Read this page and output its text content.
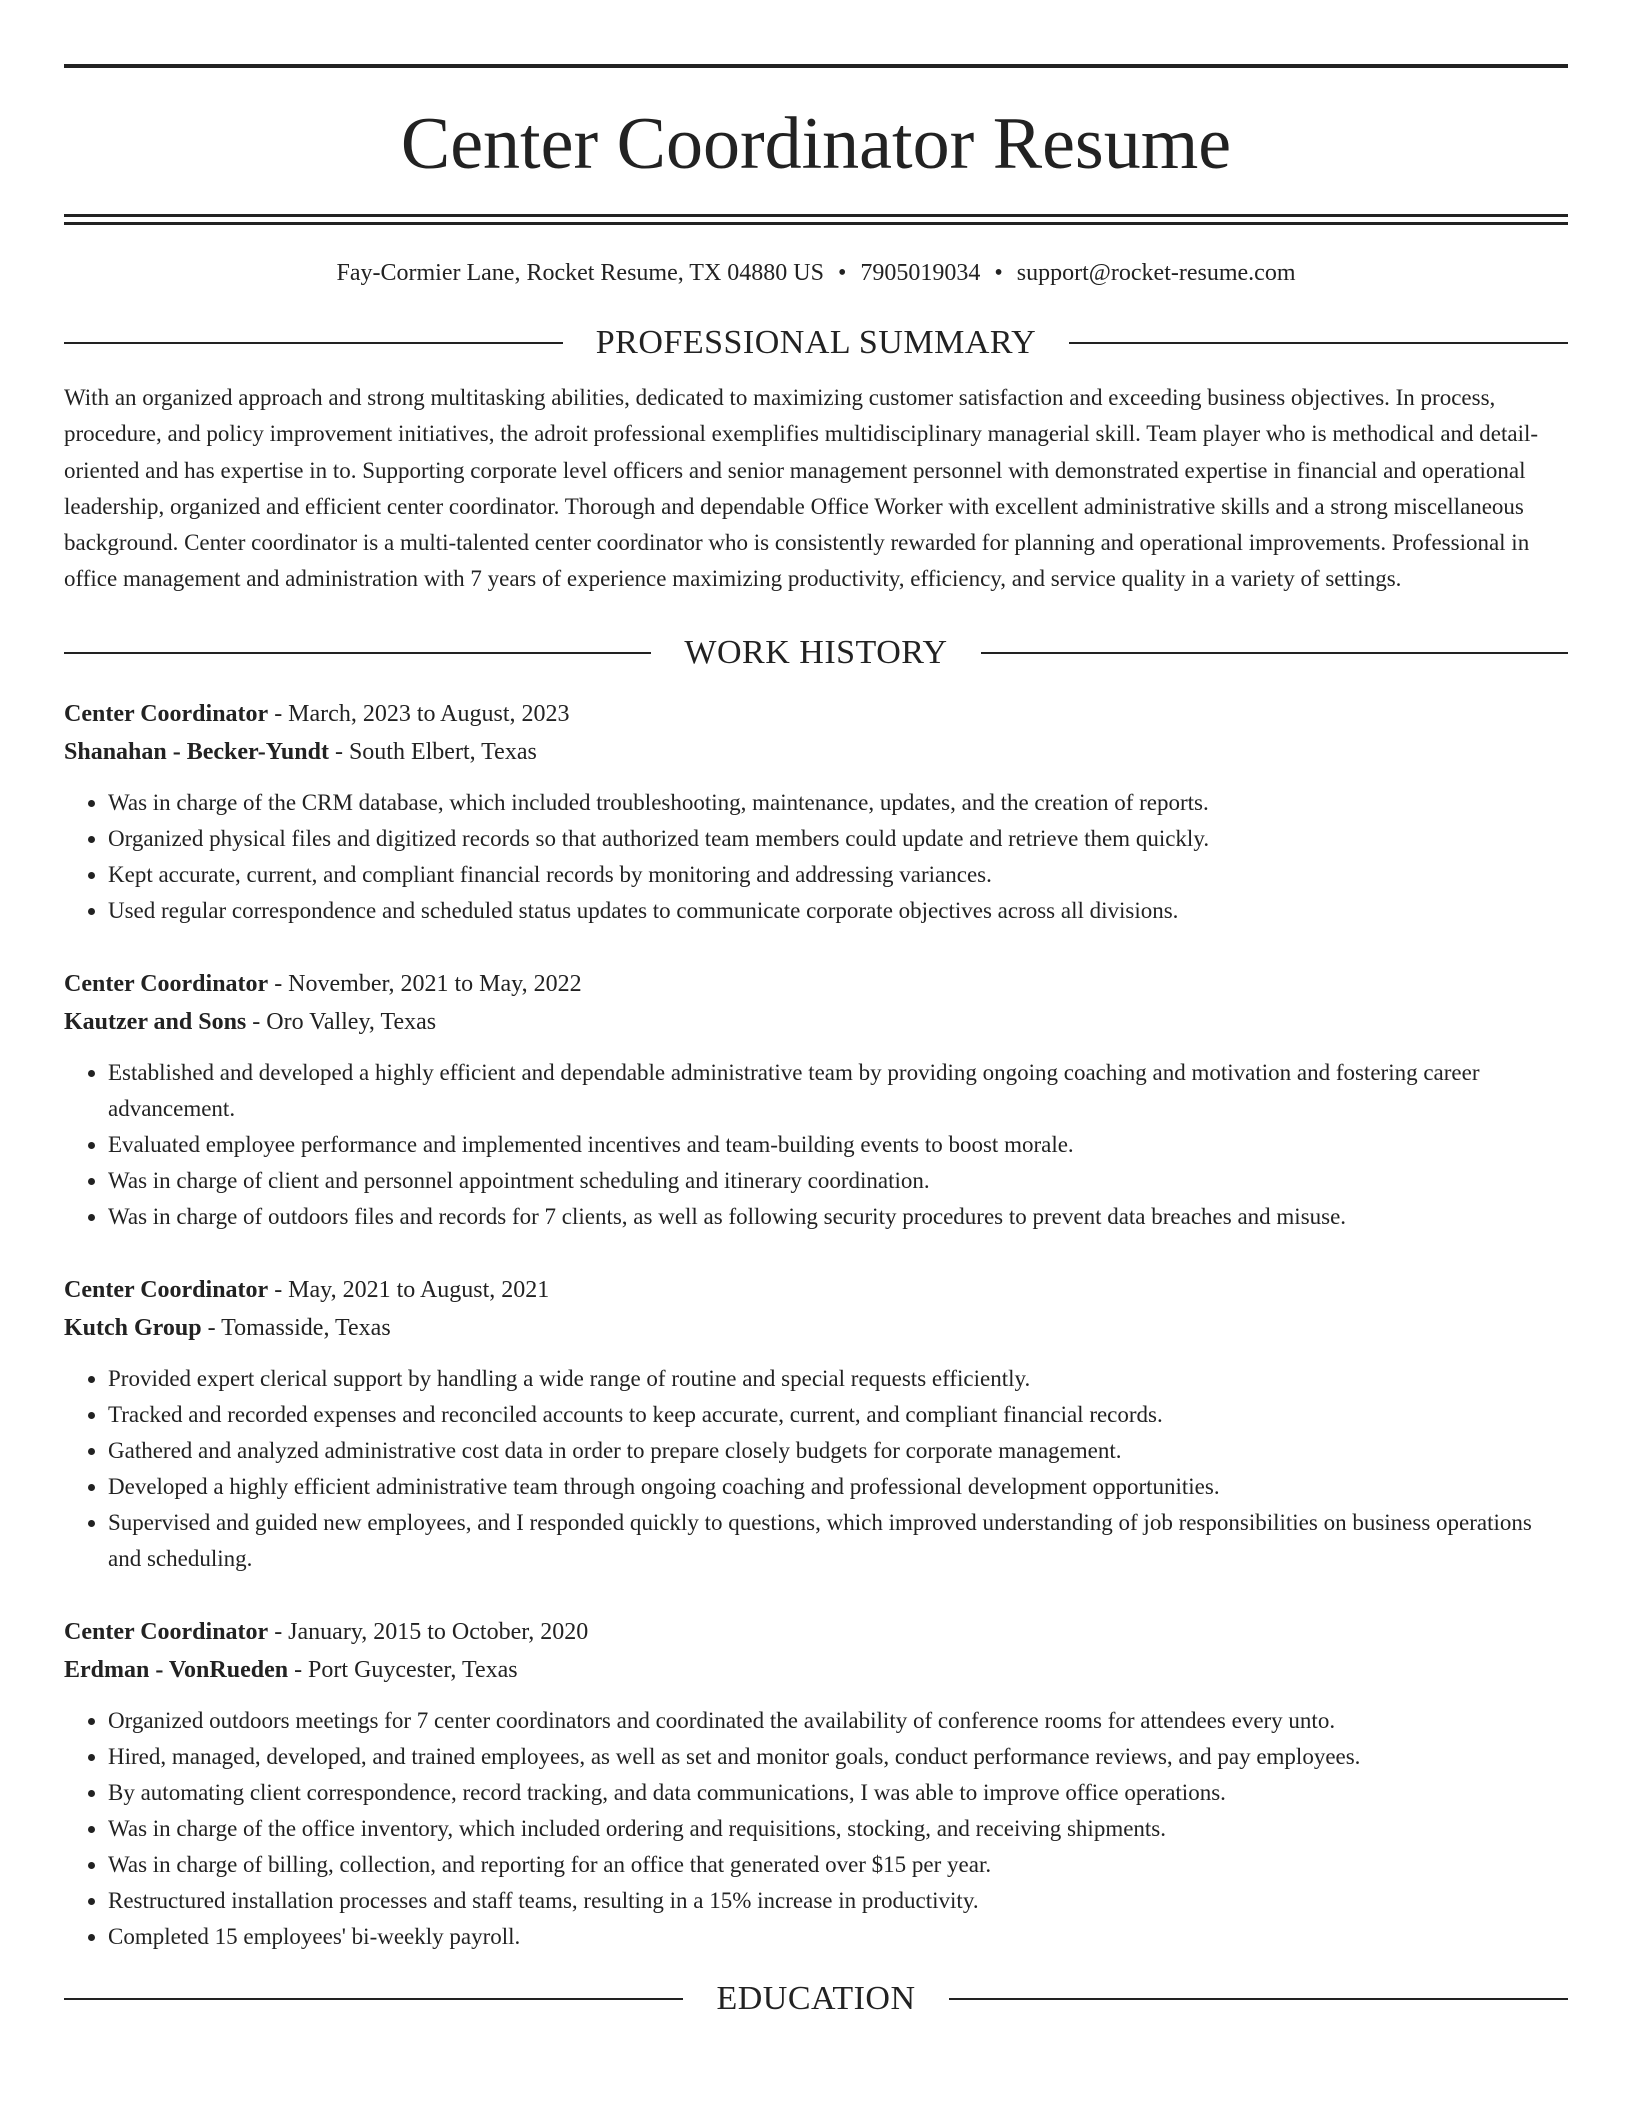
Center Coordinator Resume
Fay-Cormier Lane, Rocket Resume, TX 04880 US • 7905019034 • support@rocket-resume.com
PROFESSIONAL SUMMARY

With an organized approach and strong multitasking abilities, dedicated to maximizing customer satisfaction and exceeding business objectives. In process, procedure, and policy improvement initiatives, the adroit professional exemplifies multidisciplinary managerial skill. Team player who is methodical and detail-oriented and has expertise in to. Supporting corporate level officers and senior management personnel with demonstrated expertise in financial and operational leadership, organized and efficient center coordinator. Thorough and dependable Office Worker with excellent administrative skills and a strong miscellaneous background. Center coordinator is a multi-talented center coordinator who is consistently rewarded for planning and operational improvements. Professional in office management and administration with 7 years of experience maximizing productivity, efficiency, and service quality in a variety of settings.

WORK HISTORY
Center Coordinator - March, 2023 to August, 2023
Shanahan - Becker-Yundt - South Elbert, Texas
• Was in charge of the CRM database, which included troubleshooting, maintenance, updates, and the creation of reports.
• Organized physical files and digitized records so that authorized team members could update and retrieve them quickly.
• Kept accurate, current, and compliant financial records by monitoring and addressing variances.
• Used regular correspondence and scheduled status updates to communicate corporate objectives across all divisions.
Center Coordinator - November, 2021 to May, 2022
Kautzer and Sons - Oro Valley, Texas
• Established and developed a highly efficient and dependable administrative team by providing ongoing coaching and motivation and fostering career advancement.
• Evaluated employee performance and implemented incentives and team-building events to boost morale.
• Was in charge of client and personnel appointment scheduling and itinerary coordination.
• Was in charge of outdoors files and records for 7 clients, as well as following security procedures to prevent data breaches and misuse.
Center Coordinator - May, 2021 to August, 2021
Kutch Group - Tomasside, Texas
• Provided expert clerical support by handling a wide range of routine and special requests efficiently.
• Tracked and recorded expenses and reconciled accounts to keep accurate, current, and compliant financial records.
• Gathered and analyzed administrative cost data in order to prepare closely budgets for corporate management.
• Developed a highly efficient administrative team through ongoing coaching and professional development opportunities.
• Supervised and guided new employees, and I responded quickly to questions, which improved understanding of job responsibilities on business operations and scheduling.
Center Coordinator - January, 2015 to October, 2020
Erdman - VonRueden - Port Guycester, Texas
• Organized outdoors meetings for 7 center coordinators and coordinated the availability of conference rooms for attendees every unto.
• Hired, managed, developed, and trained employees, as well as set and monitor goals, conduct performance reviews, and pay employees.
• By automating client correspondence, record tracking, and data communications, I was able to improve office operations.
• Was in charge of the office inventory, which included ordering and requisitions, stocking, and receiving shipments.
• Was in charge of billing, collection, and reporting for an office that generated over $15 per year.
• Restructured installation processes and staff teams, resulting in a 15% increase in productivity.
• Completed 15 employees' bi-weekly payroll.
EDUCATION
